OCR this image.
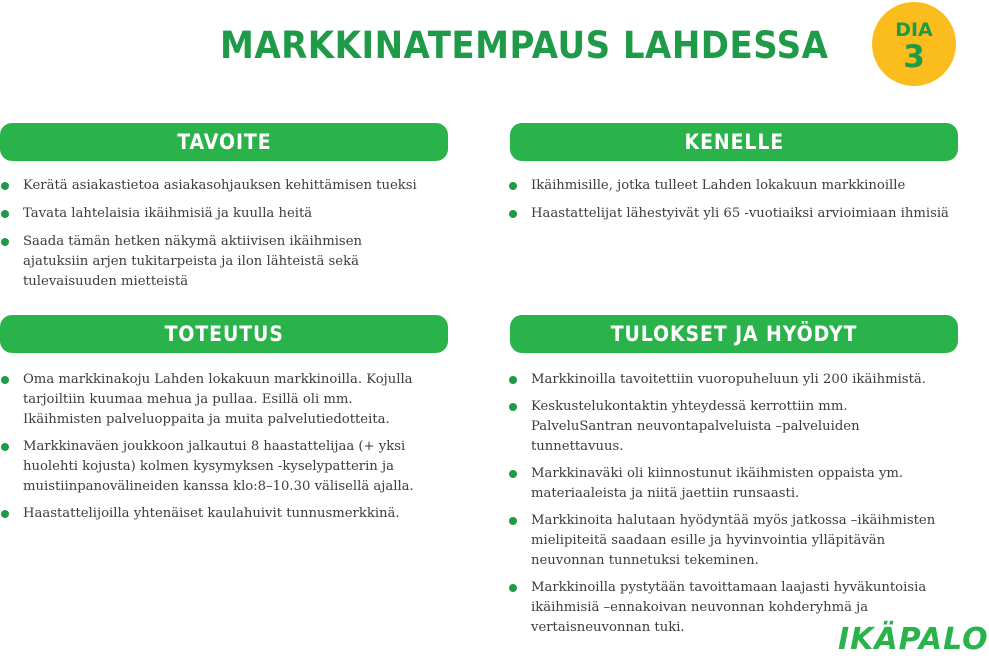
MARKKINATEMPAUS LAHDESSA	DIA
3
TAVOITE
Kerätä asiakastietoa asiakasohjauksen kehittämisen tueksi
Tavata lahtelaisia ikäihmisiä ja kuulla heitä
Saada tämän hetken näkymä aktiivisen ikäihmisen ajatuksiin arjen tukitarpeista ja ilon lähteistä sekä tulevaisuuden mietteistä
KENELLE
Ikäihmisille, jotka tulleet Lahden lokakuun markkinoille
Haastattelijat lähestyivät yli 65 -vuotiaiksi arvioimiaan ihmisiä
TOTEUTUS
Oma markkinakoju Lahden lokakuun markkinoilla. Kojulla tarjoiltiin kuumaa mehua ja pullaa. Esillä oli mm. Ikäihmisten palveluoppaita ja muita palvelutiedotteita.
Markkinaväen joukkoon jalkautui 8 haastattelijaa (+ yksi huolehti kojusta) kolmen kysymyksen -kyselypatterin ja muistiinpanovälineiden kanssa klo:8–10.30 välisellä ajalla.
Haastattelijoilla yhtenäiset kaulahuivit tunnusmerkkinä.
TULOKSET JA HYÖDYT
Markkinoilla tavoitettiin vuoropuheluun yli 200 ikäihmistä.
Keskustelukontaktin yhteydessä kerrottiin mm. PalveluSantran neuvontapalveluista –palveluiden tunnettavuus.
Markkinaväki oli kiinnostunut ikäihmisten oppaista ym. materiaaleista ja niitä jaettiin runsaasti.
Markkinoita halutaan hyödyntää myös jatkossa –ikäihmisten mielipiteitä saadaan esille ja hyvinvointia ylläpitävän neuvonnan tunnetuksi tekeminen.
Markkinoilla pystytään tavoittamaan laajasti hyväkuntoisia ikäihmisiä –ennakoivan neuvonnan kohderyhmä ja vertaisneuvonnan tuki.	IKÄPALO
